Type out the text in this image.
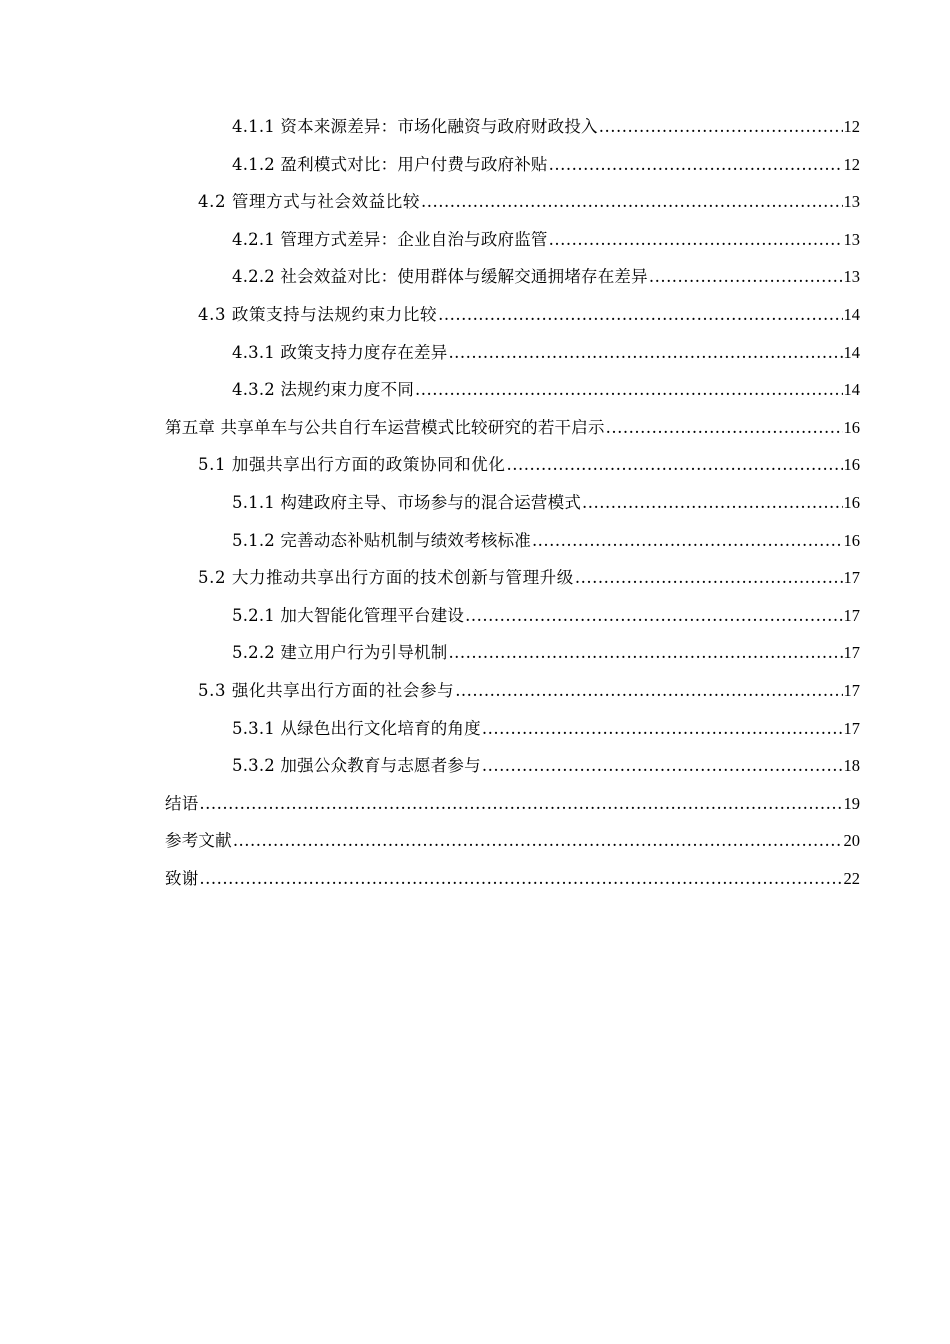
4.1.1 资本来源差异：市场化融资与政府财政投入 .....	12
4.1.2 盈利模式对比：用户付费与政府补贴 .....	12
4.2 管理方式与社会效益比较 .....	13
4.2.1 管理方式差异：企业自治与政府监管 .....	13
4.2.2 社会效益对比：使用群体与缓解交通拥堵存在差异 .....	13
4.3 政策支持与法规约束力比较 .....	14
4.3.1 政策支持力度存在差异 .....	14
4.3.2 法规约束力度不同 .....	14
第五章 共享单车与公共自行车运营模式比较研究的若干启示 .....	16
5.1 加强共享出行方面的政策协同和优化 .....	16
5.1.1 构建政府主导、市场参与的混合运营模式 .....	16
5.1.2 完善动态补贴机制与绩效考核标准 .....	16
5.2 大力推动共享出行方面的技术创新与管理升级 .....	17
5.2.1 加大智能化管理平台建设 .....	17
5.2.2 建立用户行为引导机制 .....	17
5.3 强化共享出行方面的社会参与 .....	17
5.3.1 从绿色出行文化培育的角度 .....	17
5.3.2 加强公众教育与志愿者参与 .....	18
结语 .....	19
参考文献 .....	20
致谢 .....	22
